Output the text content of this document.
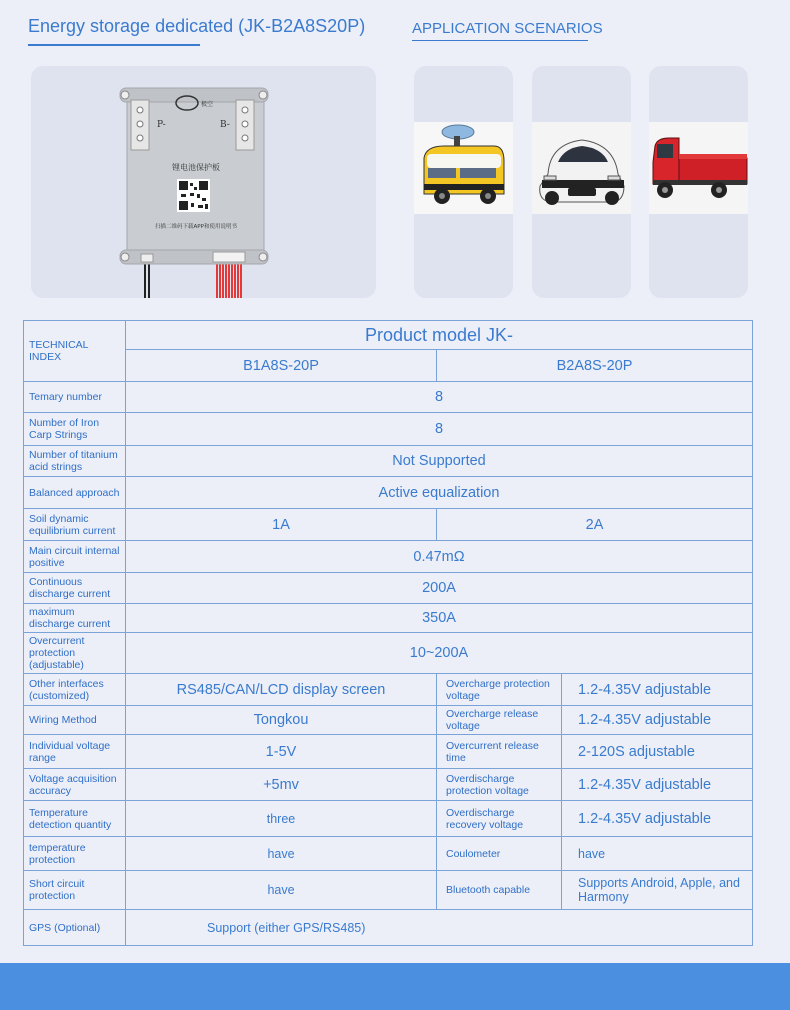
Energy storage dedicated (JK-B2A8S20P)	APPLICATION SCENARIOS
极空
P-	B-
锂电池保护板
扫描二维码下载APP和使用说明书
TECHNICAL INDEX	Product model JK-		
	B1A8S-20P	B2A8S-20P	
Temary number	8		
Number of Iron Carp Strings	8		
Number of titanium acid strings	Not Supported		
Balanced approach	Active equalization		
Soil dynamic equilibrium current	1A	2A	
Main circuit internal positive	0.47mΩ		
Continuous discharge current	200A		
maximum discharge current	350A		
Overcurrent protection (adjustable)	10~200A		
Other interfaces (customized)	RS485/CAN/LCD display screen	Overcharge protection voltage	1.2-4.35V adjustable
Wiring Method	Tongkou	Overcharge release voltage	1.2-4.35V adjustable
Individual voltage range	1-5V	Overcurrent release time	2-120S adjustable
Voltage acquisition accuracy	+5mv	Overdischarge protection voltage	1.2-4.35V adjustable
Temperature detection quantity	three	Overdischarge recovery voltage	1.2-4.35V adjustable
temperature protection	have	Coulometer	have
Short circuit protection	have	Bluetooth capable	Supports Android, Apple, and Harmony
GPS (Optional)	Support (either GPS/RS485)		
